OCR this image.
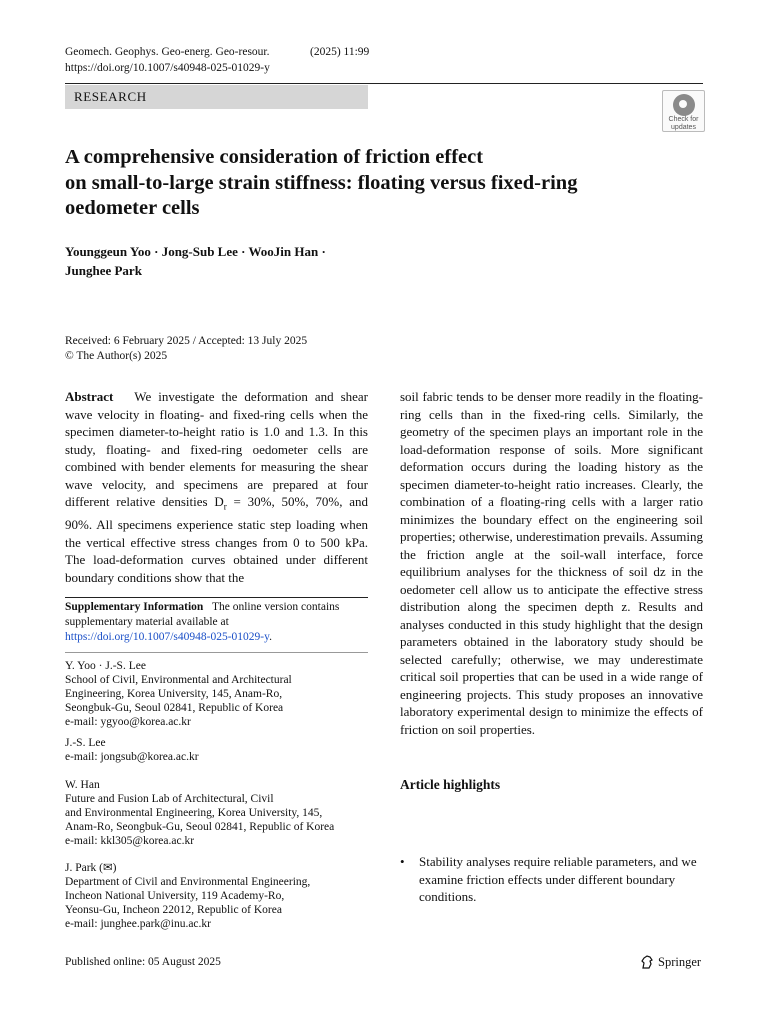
Geomech. Geophys. Geo-energ. Geo-resour.	(2025) 11:99
https://doi.org/10.1007/s40948-025-01029-y
RESEARCH
Check for
updates
A comprehensive consideration of friction effect
on small-to-large strain stiffness: floating versus fixed-ring
oedometer cells
Younggeun Yoo · Jong-Sub Lee · WooJin Han ·
Junghee Park
Received: 6 February 2025 / Accepted: 13 July 2025
© The Author(s) 2025
Abstract We investigate the deformation and shear wave velocity in floating- and fixed-ring cells when the specimen diameter-to-height ratio is 1.0 and 1.3. In this study, floating- and fixed-ring oedometer cells are combined with bender elements for measuring the shear wave velocity, and specimens are prepared at four different relative densities $D_r = 30\%$, 50%, 70%, and 90%. All specimens experience static step loading when the vertical effective stress changes from 0 to 500 kPa. The load-deformation curves obtained under different boundary conditions show that the
soil fabric tends to be denser more readily in the floating-ring cells than in the fixed-ring cells. Similarly, the geometry of the specimen plays an important role in the load-deformation response of soils. More significant deformation occurs during the loading history as the specimen diameter-to-height ratio increases. Clearly, the combination of a floating-ring cells with a larger ratio minimizes the boundary effect on the engineering soil properties; otherwise, underestimation prevails. Assuming the friction angle at the soil-wall interface, force equilibrium analyses for the thickness of soil dz in the oedometer cell allow us to anticipate the effective stress distribution along the specimen depth z. Results and analyses conducted in this study highlight that the design parameters obtained in the laboratory study should be selected carefully; otherwise, we may underestimate critical soil properties that can be used in a wide range of engineering projects. This study proposes an innovative laboratory experimental design to minimize the effects of friction on soil properties.
Supplementary Information The online version contains supplementary material available at https://doi.org/10.1007/s40948-025-01029-y.
Y. Yoo · J.-S. Lee
School of Civil, Environmental and Architectural
Engineering, Korea University, 145, Anam-Ro,
Seongbuk-Gu, Seoul 02841, Republic of Korea
e-mail: ygyoo@korea.ac.kr
J.-S. Lee
e-mail: jongsub@korea.ac.kr
W. Han
Future and Fusion Lab of Architectural, Civil
and Environmental Engineering, Korea University, 145,
Anam-Ro, Seongbuk-Gu, Seoul 02841, Republic of Korea
e-mail: kkl305@korea.ac.kr
J. Park (✉)
Department of Civil and Environmental Engineering,
Incheon National University, 119 Academy-Ro,
Yeonsu-Gu, Incheon 22012, Republic of Korea
e-mail: junghee.park@inu.ac.kr
Article highlights
• Stability analyses require reliable parameters, and we examine friction effects under different boundary conditions.
Published online: 05 August 2025	Springer
